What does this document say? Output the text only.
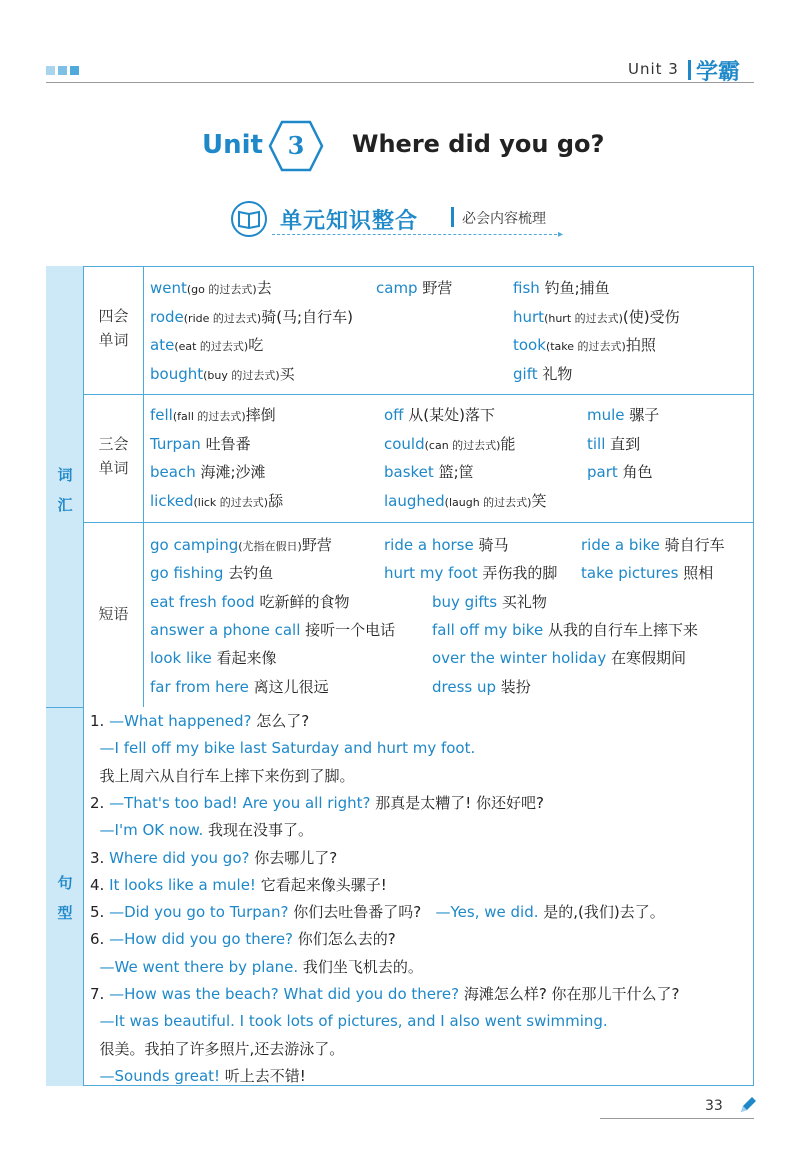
Unit 3 学霸
Unit	3	Where did you go?
单元知识整合	必会内容梳理
▸
词
汇
句
型
四会
单词
三会
单词
短语
33
went(go 的过去式)去	camp 野营	fish 钓鱼;捕鱼
rode(ride 的过去式)骑(马;自行车)	hurt(hurt 的过去式)(使)受伤
ate(eat 的过去式)吃	took(take 的过去式)拍照
bought(buy 的过去式)买	gift 礼物
fell(fall 的过去式)摔倒	off 从(某处)落下	mule 骡子
Turpan 吐鲁番	could(can 的过去式)能	till 直到
beach 海滩;沙滩	basket 篮;筐	part 角色
licked(lick 的过去式)舔	laughed(laugh 的过去式)笑
go camping(尤指在假日)野营	ride a horse 骑马	ride a bike 骑自行车
go fishing 去钓鱼	hurt my foot 弄伤我的脚 take pictures 照相
eat fresh food 吃新鲜的食物	buy gifts 买礼物
answer a phone call 接听一个电话 fall off my bike 从我的自行车上摔下来
look like 看起来像	over the winter holiday 在寒假期间
far from here 离这儿很远	dress up 装扮
1. —What happened? 怎么了?
—I fell off my bike last Saturday and hurt my foot.
我上周六从自行车上摔下来伤到了脚。
2. —That's too bad! Are you all right? 那真是太糟了! 你还好吧?
—I'm OK now. 我现在没事了。
3. Where did you go? 你去哪儿了?
4. It looks like a mule! 它看起来像头骡子!
5. —Did you go to Turpan? 你们去吐鲁番了吗?   —Yes, we did. 是的,(我们)去了。
6. —How did you go there? 你们怎么去的?
—We went there by plane. 我们坐飞机去的。
7. —How was the beach? What did you do there? 海滩怎么样? 你在那儿干什么了?
—It was beautiful. I took lots of pictures, and I also went swimming.
很美。我拍了许多照片,还去游泳了。
—Sounds great! 听上去不错!
